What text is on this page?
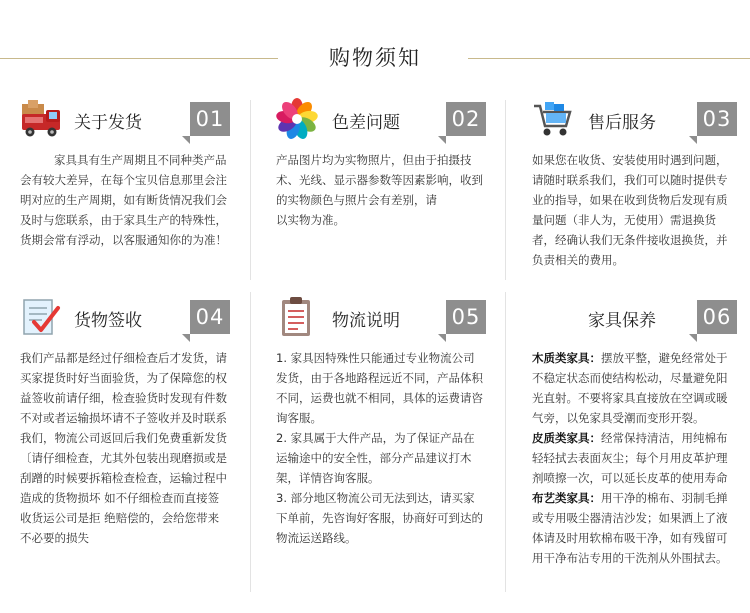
购物须知
关于发货	01

家具具有生产周期且不同种类产品会有较大差异，在每个宝贝信息那里会注明对应的生产周期，如有断货情况我们会及时与您联系，由于家具生产的特殊性，货期会常有浮动，以客服通知你的为准！

色差问题 02

产品图片均为实物照片，但由于拍摄技术、光线、显示器参数等因素影响，收到的实物颜色与照片会有差别，请

以实物为准。

售后服务 03

如果您在收货、安装使用时遇到问题，请随时联系我们，我们可以随时提供专业的指导，如果在收到货物后发现有质量问题（非人为，无使用）需退换货者，经确认我们无条件接收退换货，并负责相关的费用。

货物签收	04

我们产品都是经过仔细检查后才发货，请买家提货时好当面验货，为了保障您的权益签收前请仔细，检查验货时发现有件数不对或者运输损坏请不子签收并及时联系我们，物流公司返回后我们免费重新发货〔请仔细检查，尤其外包装出现磨损或是刮蹭的时候要拆箱检查检查，运输过程中造成的货物损坏 如不仔细检查而直接签收货运公司是拒 绝赔偿的，会给您带来不必要的损失

物流说明 05

1. 家具因特殊性只能通过专业物流公司发货，由于各地路程远近不同，产品体积不同，运费也就不相同，具体的运费请咨询客服。

2. 家具属于大件产品，为了保证产品在运输途中的安全性，部分产品建议打木架，详情咨询客服。

3. 部分地区物流公司无法到达，请买家下单前，先咨询好客服，协商好可到达的物流运送路线。

家具保养 06

木质类家具：摆放平整，避免经常处于不稳定状态而使结构松动，尽量避免阳光直射。不要将家具直接放在空调或暖气旁，以免家具受潮而变形开裂。

皮质类家具：经常保持清洁，用纯棉布轻轻拭去表面灰尘；每个月用皮革护理剂喷擦一次，可以延长皮革的使用寿命

布艺类家具：用干净的棉布、羽制毛掸或专用吸尘器清洁沙发；如果洒上了液体请及时用软棉布吸干净，如有残留可用干净布沾专用的干洗剂从外围拭去。
